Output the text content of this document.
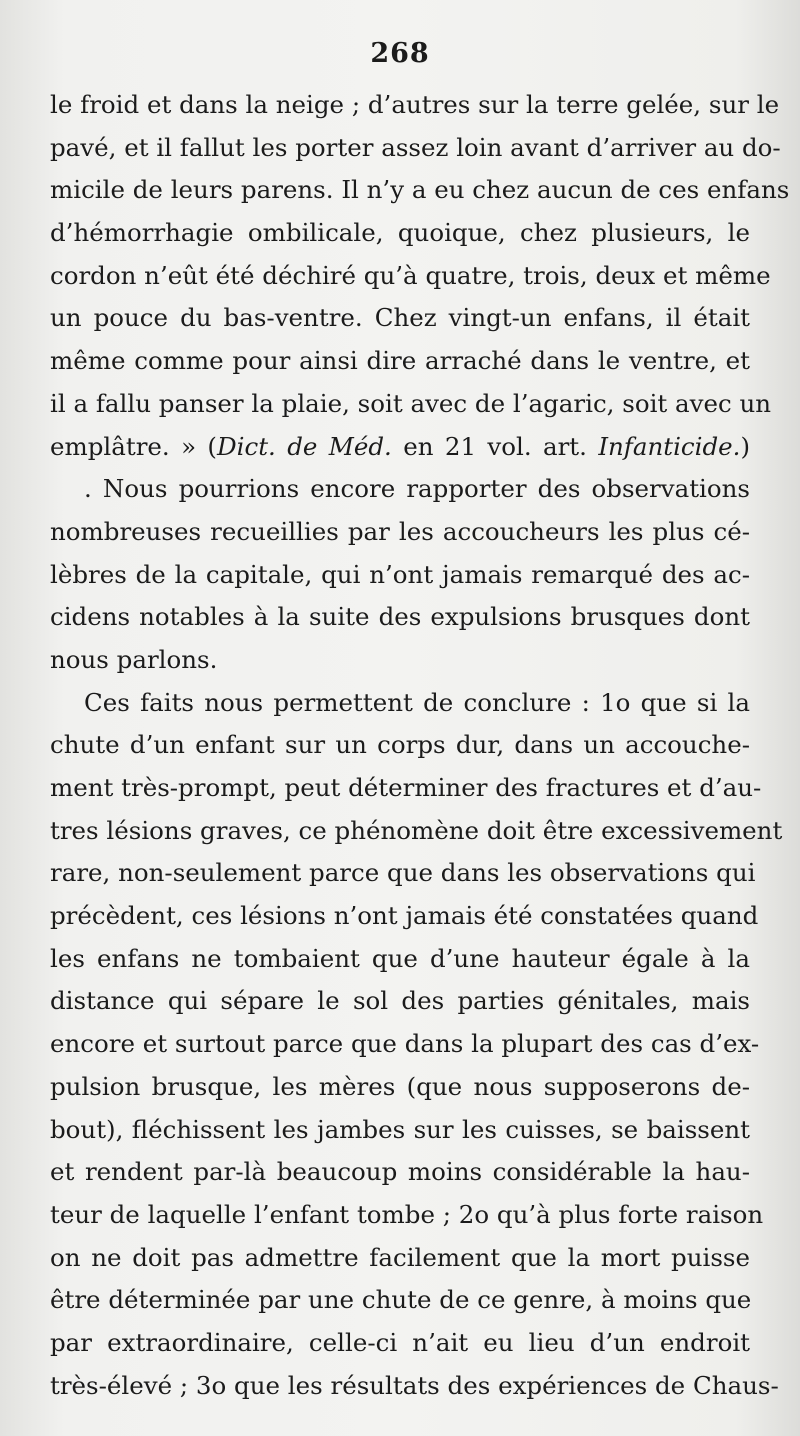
268
le froid et dans la neige ; d’autres sur la terre gelée, sur le
pavé, et il fallut les porter assez loin avant d’arriver au do-
micile de leurs parens. Il n’y a eu chez aucun de ces enfans
d’hémorrhagie ombilicale, quoique, chez plusieurs, le
cordon n’eût été déchiré qu’à quatre, trois, deux et même
un pouce du bas-ventre. Chez vingt-un enfans, il était
même comme pour ainsi dire arraché dans le ventre, et
il a fallu panser la plaie, soit avec de l’agaric, soit avec un
emplâtre. » (Dict. de Méd. en 21 vol. art. Infanticide.)
. Nous pourrions encore rapporter des observations
nombreuses recueillies par les accoucheurs les plus cé-
lèbres de la capitale, qui n’ont jamais remarqué des ac-
cidens notables à la suite des expulsions brusques dont
nous parlons.
Ces faits nous permettent de conclure : 1o que si la
chute d’un enfant sur un corps dur, dans un accouche-
ment très-prompt, peut déterminer des fractures et d’au-
tres lésions graves, ce phénomène doit être excessivement
rare, non-seulement parce que dans les observations qui
précèdent, ces lésions n’ont jamais été constatées quand
les enfans ne tombaient que d’une hauteur égale à la
distance qui sépare le sol des parties génitales, mais
encore et surtout parce que dans la plupart des cas d’ex-
pulsion brusque, les mères (que nous supposerons de-
bout), fléchissent les jambes sur les cuisses, se baissent
et rendent par-là beaucoup moins considérable la hau-
teur de laquelle l’enfant tombe ; 2o qu’à plus forte raison
on ne doit pas admettre facilement que la mort puisse
être déterminée par une chute de ce genre, à moins que
par extraordinaire, celle-ci n’ait eu lieu d’un endroit
très-élevé ; 3o que les résultats des expériences de Chaus-
